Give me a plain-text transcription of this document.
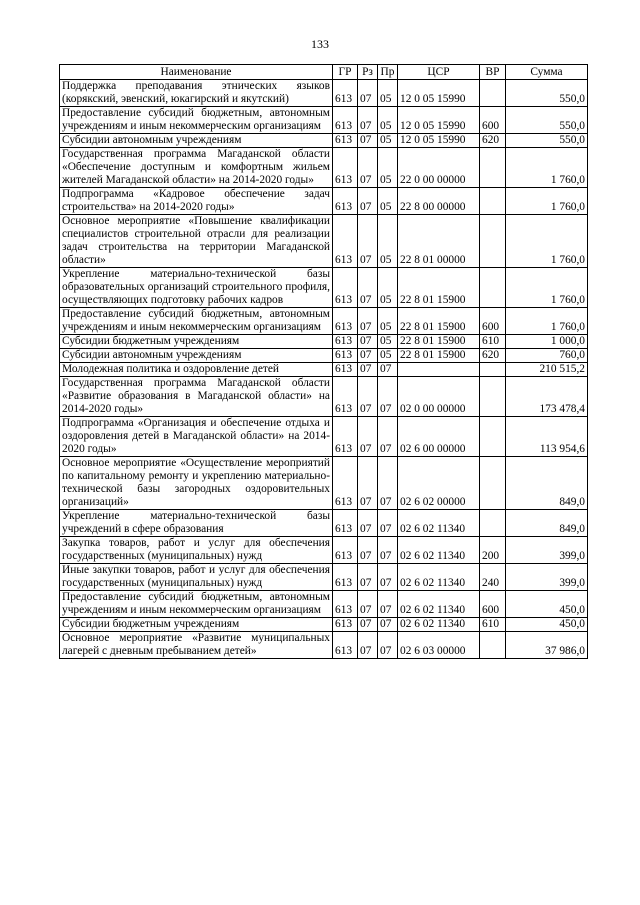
133
Наименование	ГР	Рз	Пр	ЦСР	ВР	Сумма
Поддержка преподавания этнических языков (корякский, эвенский, юкагирский и якутский)	613	07	05	12 0 05 15990		550,0
Предоставление субсидий бюджетным, автономным учреждениям и иным некоммерческим организациям	613	07	05	12 0 05 15990	600	550,0
Субсидии автономным учреждениям	613	07	05	12 0 05 15990	620	550,0
Государственная программа Магаданской области «Обеспечение доступным и комфортным жильем жителей Магаданской области» на 2014-2020 годы»	613	07	05	22 0 00 00000		1 760,0
Подпрограмма «Кадровое обеспечение задач строительства» на 2014-2020 годы»	613	07	05	22 8 00 00000		1 760,0
Основное мероприятие «Повышение квалификации специалистов строительной отрасли для реализации задач строительства на территории Магаданской области»	613	07	05	22 8 01 00000		1 760,0
Укрепление материально-технической базы образовательных организаций строительного профиля, осуществляющих подготовку рабочих кадров	613	07	05	22 8 01 15900		1 760,0
Предоставление субсидий бюджетным, автономным учреждениям и иным некоммерческим организациям	613	07	05	22 8 01 15900	600	1 760,0
Субсидии бюджетным учреждениям	613	07	05	22 8 01 15900	610	1 000,0
Субсидии автономным учреждениям	613	07	05	22 8 01 15900	620	760,0
Молодежная политика и оздоровление детей	613	07	07			210 515,2
Государственная программа Магаданской области «Развитие образования в Магаданской области» на 2014-2020 годы»	613	07	07	02 0 00 00000		173 478,4
Подпрограмма «Организация и обеспечение отдыха и оздоровления детей в Магаданской области» на 2014-2020 годы»	613	07	07	02 6 00 00000		113 954,6
Основное мероприятие «Осуществление мероприятий по капитальному ремонту и укреплению материально-технической базы загородных оздоровительных организаций»	613	07	07	02 6 02 00000		849,0
Укрепление материально-технической базы учреждений в сфере образования	613	07	07	02 6 02 11340		849,0
Закупка товаров, работ и услуг для обеспечения государственных (муниципальных) нужд	613	07	07	02 6 02 11340	200	399,0
Иные закупки товаров, работ и услуг для обеспечения государственных (муниципальных) нужд	613	07	07	02 6 02 11340	240	399,0
Предоставление субсидий бюджетным, автономным учреждениям и иным некоммерческим организациям	613	07	07	02 6 02 11340	600	450,0
Субсидии бюджетным учреждениям	613	07	07	02 6 02 11340	610	450,0
Основное мероприятие «Развитие муниципальных лагерей с дневным пребыванием детей»	613	07	07	02 6 03 00000		37 986,0
